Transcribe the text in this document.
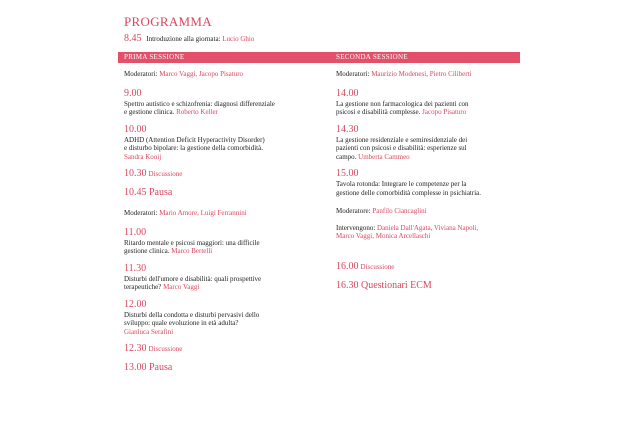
PROGRAMMA
8.45 Introduzione alla giornata: Lucio Ghio
PRIMA SESSIONE	SECONDA SESSIONE
Moderatori: Marco Vaggi, Jacopo Pisaturo
9.00
Spettro autistico e schizofrenia: diagnosi differenziale
e gestione clinica. Roberto Keller
10.00
ADHD (Attention Deficit Hyperactivity Disorder)
e disturbo bipolare: la gestione della comorbidità.
Sandra Kooij
10.30 Discussione
10.45 Pausa
Moderatori: Mario Amore, Luigi Ferrannini
11.00
Ritardo mentale e psicosi maggiori: una difficile
gestione clinica. Marco Bertelli
11.30
Disturbi dell'umore e disabilità: quali prospettive
terapeutiche? Marco Vaggi
12.00
Disturbi della condotta e disturbi pervasivi dello
sviluppo: quale evoluzione in età adulta?
Gianluca Serafini
12.30 Discussione
13.00 Pausa
Moderatori: Maurizio Modenesi, Pietro Ciliberti
14.00
La gestione non farmacologica dei pazienti con
psicosi e disabilità complesse. Jacopo Pisaturo
14.30
La gestione residenziale e semiresidenziale dei
pazienti con psicosi e disabilità: esperienze sul
campo. Umberta Cammeo
15.00
Tavola rotonda: Integrare le competenze per la
gestione delle comorbidità complesse in psichiatria.
Moderatore: Panfilo Ciancaglini
Intervengono: Daniela Dall'Agata, Viviana Napoli,
Marco Vaggi, Monica Arcellaschi
16.00 Discussione
16.30 Questionari ECM
